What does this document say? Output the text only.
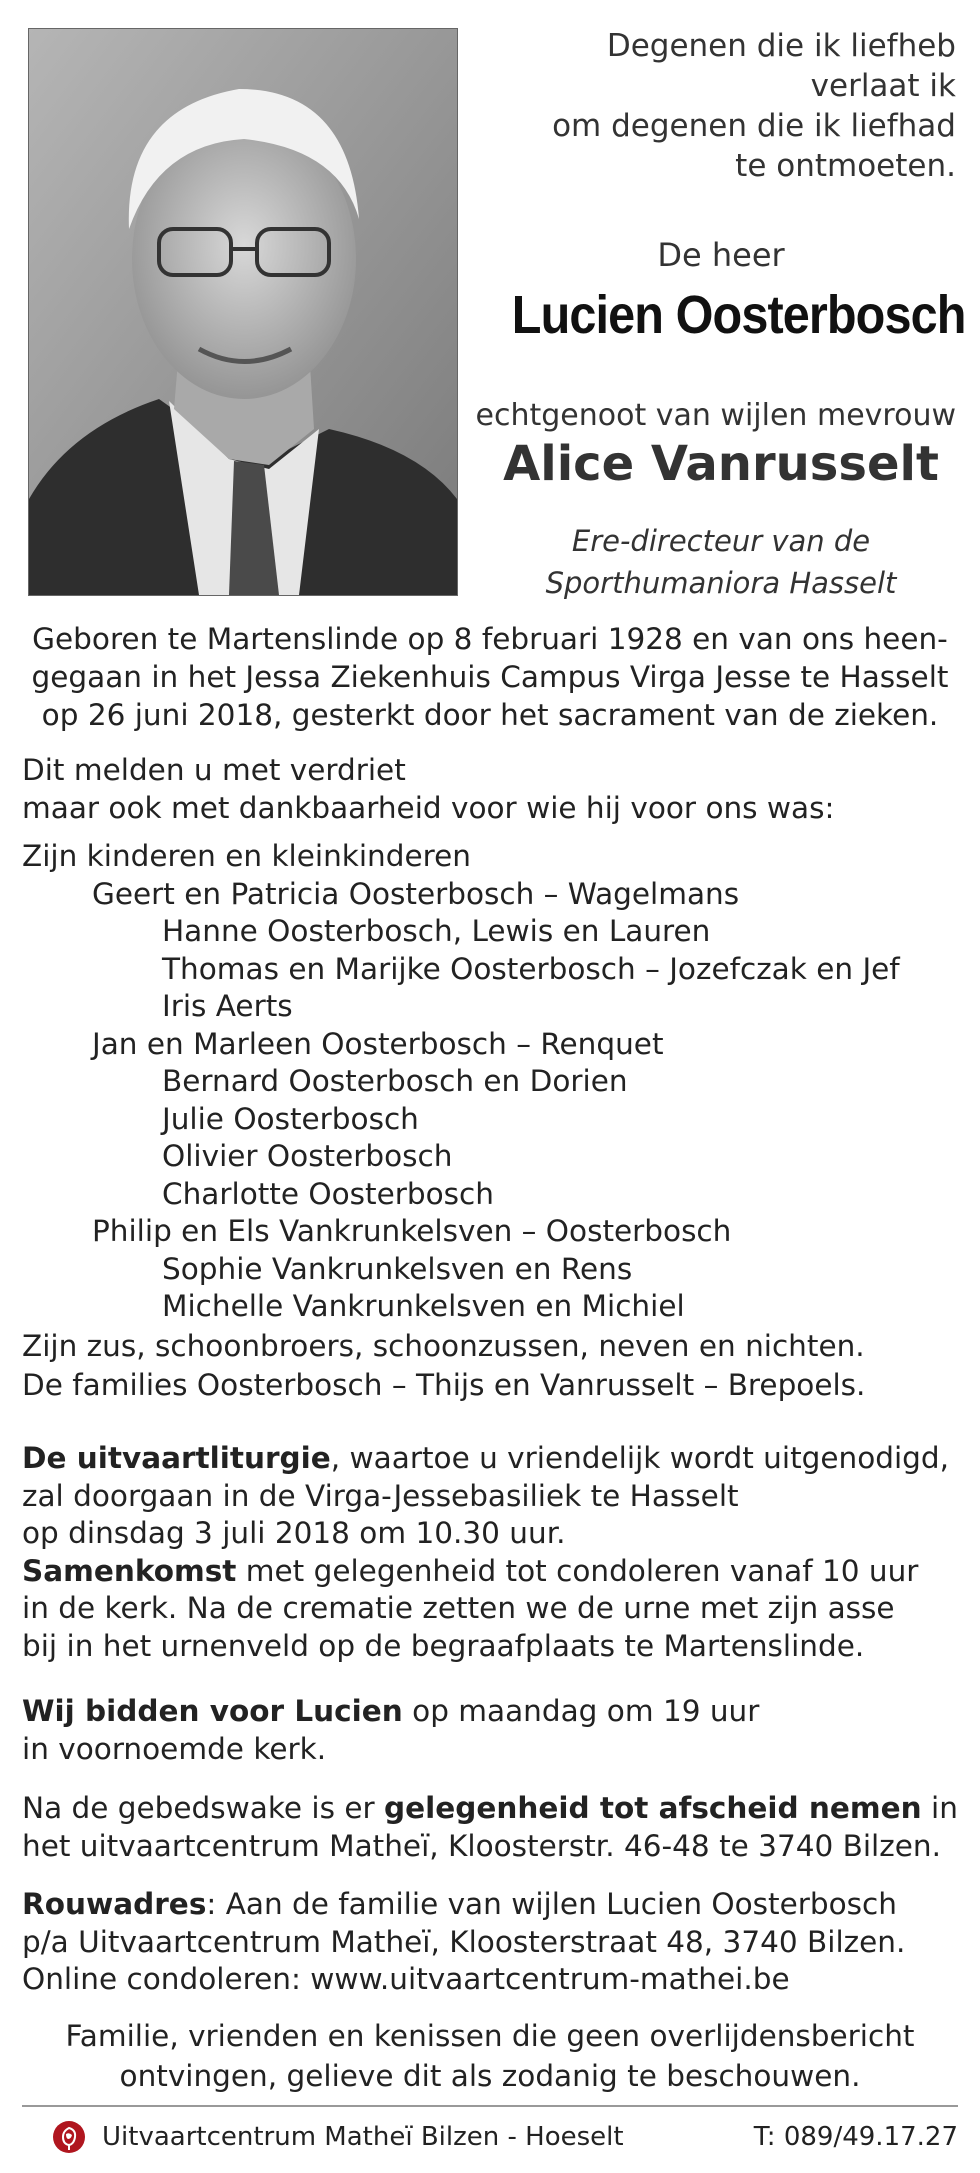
Degenen die ik liefheb
verlaat ik
om degenen die ik liefhad
te ontmoeten.
De heer
Lucien Oosterbosch
echtgenoot van wijlen mevrouw
Alice Vanrusselt
Ere-directeur van de
Sporthumaniora Hasselt
Geboren te Martenslinde op 8 februari 1928 en van ons heen-
gegaan in het Jessa Ziekenhuis Campus Virga Jesse te Hasselt
op 26 juni 2018, gesterkt door het sacrament van de zieken.
Dit melden u met verdriet
maar ook met dankbaarheid voor wie hij voor ons was:
Zijn kinderen en kleinkinderen
Geert en Patricia Oosterbosch – Wagelmans
Hanne Oosterbosch, Lewis en Lauren
Thomas en Marijke Oosterbosch – Jozefczak en Jef
Iris Aerts
Jan en Marleen Oosterbosch – Renquet
Bernard Oosterbosch en Dorien
Julie Oosterbosch
Olivier Oosterbosch
Charlotte Oosterbosch
Philip en Els Vankrunkelsven – Oosterbosch
Sophie Vankrunkelsven en Rens
Michelle Vankrunkelsven en Michiel
Zijn zus, schoonbroers, schoonzussen, neven en nichten.
De families Oosterbosch – Thijs en Vanrusselt – Brepoels.
De uitvaartliturgie, waartoe u vriendelijk wordt uitgenodigd,
zal doorgaan in de Virga-Jessebasiliek te Hasselt
op dinsdag 3 juli 2018 om 10.30 uur.
Samenkomst met gelegenheid tot condoleren vanaf 10 uur
in de kerk. Na de crematie zetten we de urne met zijn asse
bij in het urnenveld op de begraafplaats te Martenslinde.
Wij bidden voor Lucien op maandag om 19 uur
in voornoemde kerk.
Na de gebedswake is er gelegenheid tot afscheid nemen in
het uitvaartcentrum Matheï, Kloosterstr. 46-48 te 3740 Bilzen.
Rouwadres: Aan de familie van wijlen Lucien Oosterbosch
p/a Uitvaartcentrum Matheï, Kloosterstraat 48, 3740 Bilzen.
Online condoleren: www.uitvaartcentrum-mathei.be
Familie, vrienden en kenissen die geen overlijdensbericht
ontvingen, gelieve dit als zodanig te beschouwen.
Uitvaartcentrum Matheï Bilzen - Hoeselt	T: 089/49.17.27
